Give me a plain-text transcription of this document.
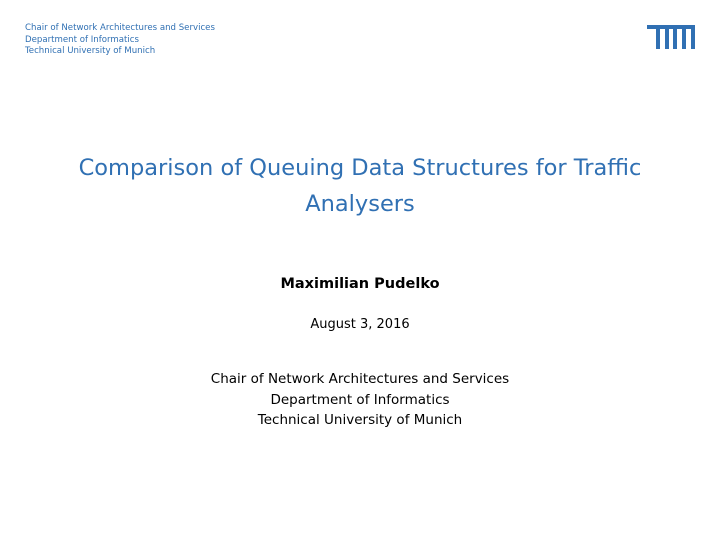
Chair of Network Architectures and Services
Department of Informatics
Technical University of Munich
Comparison of Queuing Data Structures for Traffic
Analysers
Maximilian Pudelko
August 3, 2016
Chair of Network Architectures and Services
Department of Informatics
Technical University of Munich
